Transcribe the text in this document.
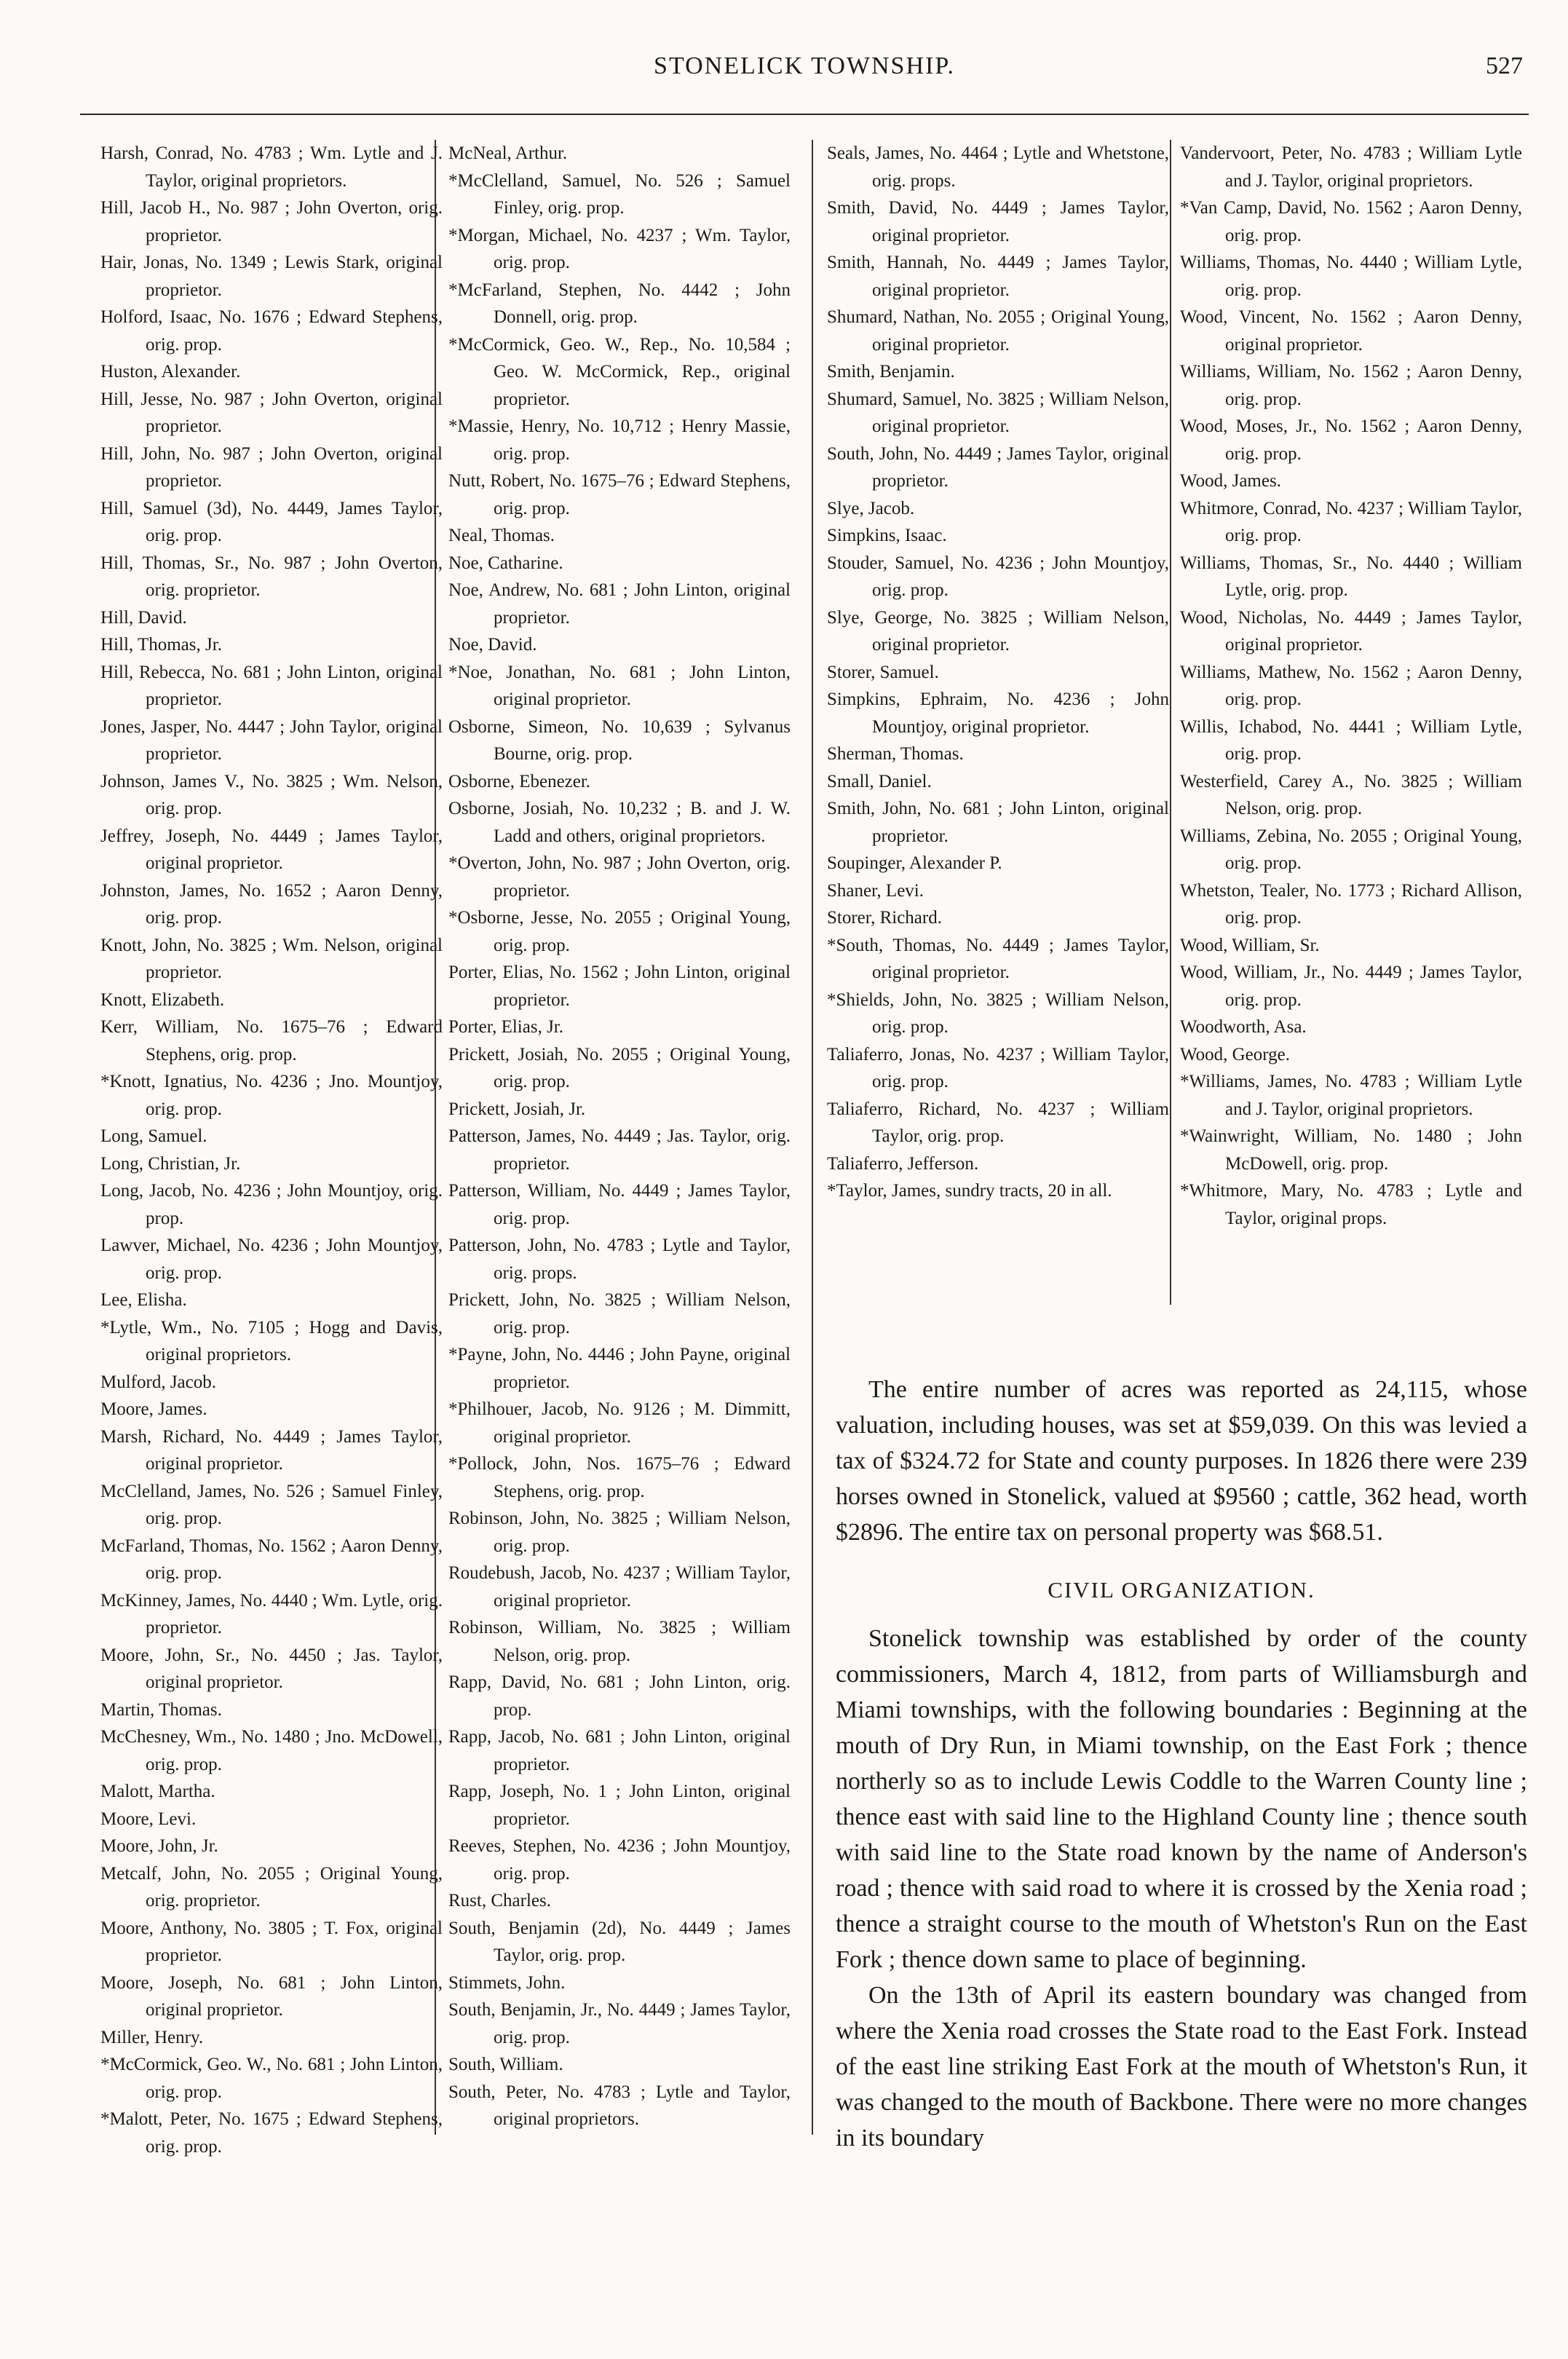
STONELICK TOWNSHIP.	527

Harsh, Conrad, No. 4783 ; Wm. Lytle and J. Taylor, original proprietors.

Hill, Jacob H., No. 987 ; John Overton, orig. proprietor.

Hair, Jonas, No. 1349 ; Lewis Stark, original proprietor.

Holford, Isaac, No. 1676 ; Edward Stephens, orig. prop.

Huston, Alexander.

Hill, Jesse, No. 987 ; John Overton, original proprietor.

Hill, John, No. 987 ; John Overton, original proprietor.

Hill, Samuel (3d), No. 4449, James Taylor, orig. prop.

Hill, Thomas, Sr., No. 987 ; John Overton, orig. proprietor.

Hill, David.

Hill, Thomas, Jr.

Hill, Rebecca, No. 681 ; John Linton, original proprietor.

Jones, Jasper, No. 4447 ; John Taylor, original proprietor.

Johnson, James V., No. 3825 ; Wm. Nelson, orig. prop.

Jeffrey, Joseph, No. 4449 ; James Taylor, original proprietor.

Johnston, James, No. 1652 ; Aaron Denny, orig. prop.

Knott, John, No. 3825 ; Wm. Nelson, original proprietor.

Knott, Elizabeth.

Kerr, William, No. 1675–76 ; Edward Stephens, orig. prop.

*Knott, Ignatius, No. 4236 ; Jno. Mountjoy, orig. prop.

Long, Samuel.

Long, Christian, Jr.

Long, Jacob, No. 4236 ; John Mountjoy, orig. prop.

Lawver, Michael, No. 4236 ; John Mountjoy, orig. prop.

Lee, Elisha.

*Lytle, Wm., No. 7105 ; Hogg and Davis, original proprietors.

Mulford, Jacob.

Moore, James.

Marsh, Richard, No. 4449 ; James Taylor, original proprietor.

McClelland, James, No. 526 ; Samuel Finley, orig. prop.

McFarland, Thomas, No. 1562 ; Aaron Denny, orig. prop.

McKinney, James, No. 4440 ; Wm. Lytle, orig. proprietor.

Moore, John, Sr., No. 4450 ; Jas. Taylor, original proprietor.

Martin, Thomas.

McChesney, Wm., No. 1480 ; Jno. McDowell, orig. prop.

Malott, Martha.

Moore, Levi.

Moore, John, Jr.

Metcalf, John, No. 2055 ; Original Young, orig. proprietor.

Moore, Anthony, No. 3805 ; T. Fox, original proprietor.

Moore, Joseph, No. 681 ; John Linton, original proprietor.

Miller, Henry.

*McCormick, Geo. W., No. 681 ; John Linton, orig. prop.

*Malott, Peter, No. 1675 ; Edward Stephens, orig. prop.

McNeal, Arthur.

*McClelland, Samuel, No. 526 ; Samuel Finley, orig. prop.

*Morgan, Michael, No. 4237 ; Wm. Taylor, orig. prop.

*McFarland, Stephen, No. 4442 ; John Donnell, orig. prop.

*McCormick, Geo. W., Rep., No. 10,584 ; Geo. W. McCormick, Rep., original proprietor.

*Massie, Henry, No. 10,712 ; Henry Massie, orig. prop.

Nutt, Robert, No. 1675–76 ; Edward Stephens, orig. prop.

Neal, Thomas.

Noe, Catharine.

Noe, Andrew, No. 681 ; John Linton, original proprietor.

Noe, David.

*Noe, Jonathan, No. 681 ; John Linton, original proprietor.

Osborne, Simeon, No. 10,639 ; Sylvanus Bourne, orig. prop.

Osborne, Ebenezer.

Osborne, Josiah, No. 10,232 ; B. and J. W. Ladd and others, original proprietors.

*Overton, John, No. 987 ; John Overton, orig. proprietor.

*Osborne, Jesse, No. 2055 ; Original Young, orig. prop.

Porter, Elias, No. 1562 ; John Linton, original proprietor.

Porter, Elias, Jr.

Prickett, Josiah, No. 2055 ; Original Young, orig. prop.

Prickett, Josiah, Jr.

Patterson, James, No. 4449 ; Jas. Taylor, orig. proprietor.

Patterson, William, No. 4449 ; James Taylor, orig. prop.

Patterson, John, No. 4783 ; Lytle and Taylor, orig. props.

Prickett, John, No. 3825 ; William Nelson, orig. prop.

*Payne, John, No. 4446 ; John Payne, original proprietor.

*Philhouer, Jacob, No. 9126 ; M. Dimmitt, original proprietor.

*Pollock, John, Nos. 1675–76 ; Edward Stephens, orig. prop.

Robinson, John, No. 3825 ; William Nelson, orig. prop.

Roudebush, Jacob, No. 4237 ; William Taylor, original proprietor.

Robinson, William, No. 3825 ; William Nelson, orig. prop.

Rapp, David, No. 681 ; John Linton, orig. prop.

Rapp, Jacob, No. 681 ; John Linton, original proprietor.

Rapp, Joseph, No. 1 ; John Linton, original proprietor.

Reeves, Stephen, No. 4236 ; John Mountjoy, orig. prop.

Rust, Charles.

South, Benjamin (2d), No. 4449 ; James Taylor, orig. prop.

Stimmets, John.

South, Benjamin, Jr., No. 4449 ; James Taylor, orig. prop.

South, William.

South, Peter, No. 4783 ; Lytle and Taylor, original proprietors.

Seals, James, No. 4464 ; Lytle and Whetstone, orig. props.

Smith, David, No. 4449 ; James Taylor, original proprietor.

Smith, Hannah, No. 4449 ; James Taylor, original proprietor.

Shumard, Nathan, No. 2055 ; Original Young, original proprietor.

Smith, Benjamin.

Shumard, Samuel, No. 3825 ; William Nelson, original proprietor.

South, John, No. 4449 ; James Taylor, original proprietor.

Slye, Jacob.

Simpkins, Isaac.

Stouder, Samuel, No. 4236 ; John Mountjoy, orig. prop.

Slye, George, No. 3825 ; William Nelson, original proprietor.

Storer, Samuel.

Simpkins, Ephraim, No. 4236 ; John Mountjoy, original proprietor.

Sherman, Thomas.

Small, Daniel.

Smith, John, No. 681 ; John Linton, original proprietor.

Soupinger, Alexander P.

Shaner, Levi.

Storer, Richard.

*South, Thomas, No. 4449 ; James Taylor, original proprietor.

*Shields, John, No. 3825 ; William Nelson, orig. prop.

Taliaferro, Jonas, No. 4237 ; William Taylor, orig. prop.

Taliaferro, Richard, No. 4237 ; William Taylor, orig. prop.

Taliaferro, Jefferson.

*Taylor, James, sundry tracts, 20 in all.

Vandervoort, Peter, No. 4783 ; William Lytle and J. Taylor, original proprietors.

*Van Camp, David, No. 1562 ; Aaron Denny, orig. prop.

Williams, Thomas, No. 4440 ; William Lytle, orig. prop.

Wood, Vincent, No. 1562 ; Aaron Denny, original proprietor.

Williams, William, No. 1562 ; Aaron Denny, orig. prop.

Wood, Moses, Jr., No. 1562 ; Aaron Denny, orig. prop.

Wood, James.

Whitmore, Conrad, No. 4237 ; William Taylor, orig. prop.

Williams, Thomas, Sr., No. 4440 ; William Lytle, orig. prop.

Wood, Nicholas, No. 4449 ; James Taylor, original proprietor.

Williams, Mathew, No. 1562 ; Aaron Denny, orig. prop.

Willis, Ichabod, No. 4441 ; William Lytle, orig. prop.

Westerfield, Carey A., No. 3825 ; William Nelson, orig. prop.

Williams, Zebina, No. 2055 ; Original Young, orig. prop.

Whetston, Tealer, No. 1773 ; Richard Allison, orig. prop.

Wood, William, Sr.

Wood, William, Jr., No. 4449 ; James Taylor, orig. prop.

Woodworth, Asa.

Wood, George.

*Williams, James, No. 4783 ; William Lytle and J. Taylor, original proprietors.

*Wainwright, William, No. 1480 ; John McDowell, orig. prop.

*Whitmore, Mary, No. 4783 ; Lytle and Taylor, original props.

The entire number of acres was reported as 24,115, whose valuation, including houses, was set at $59,039. On this was levied a tax of $324.72 for State and county purposes. In 1826 there were 239 horses owned in Stonelick, valued at $9560 ; cattle, 362 head, worth $2896. The entire tax on personal property was $68.51.

CIVIL ORGANIZATION.

Stonelick township was established by order of the county commissioners, March 4, 1812, from parts of Williamsburgh and Miami townships, with the following boundaries : Beginning at the mouth of Dry Run, in Miami township, on the East Fork ; thence northerly so as to include Lewis Coddle to the Warren County line ; thence east with said line to the Highland County line ; thence south with said line to the State road known by the name of Anderson's road ; thence with said road to where it is crossed by the Xenia road ; thence a straight course to the mouth of Whetston's Run on the East Fork ; thence down same to place of beginning.

On the 13th of April its eastern boundary was changed from where the Xenia road crosses the State road to the East Fork. Instead of the east line striking East Fork at the mouth of Whetston's Run, it was changed to the mouth of Backbone. There were no more changes in its boundary
